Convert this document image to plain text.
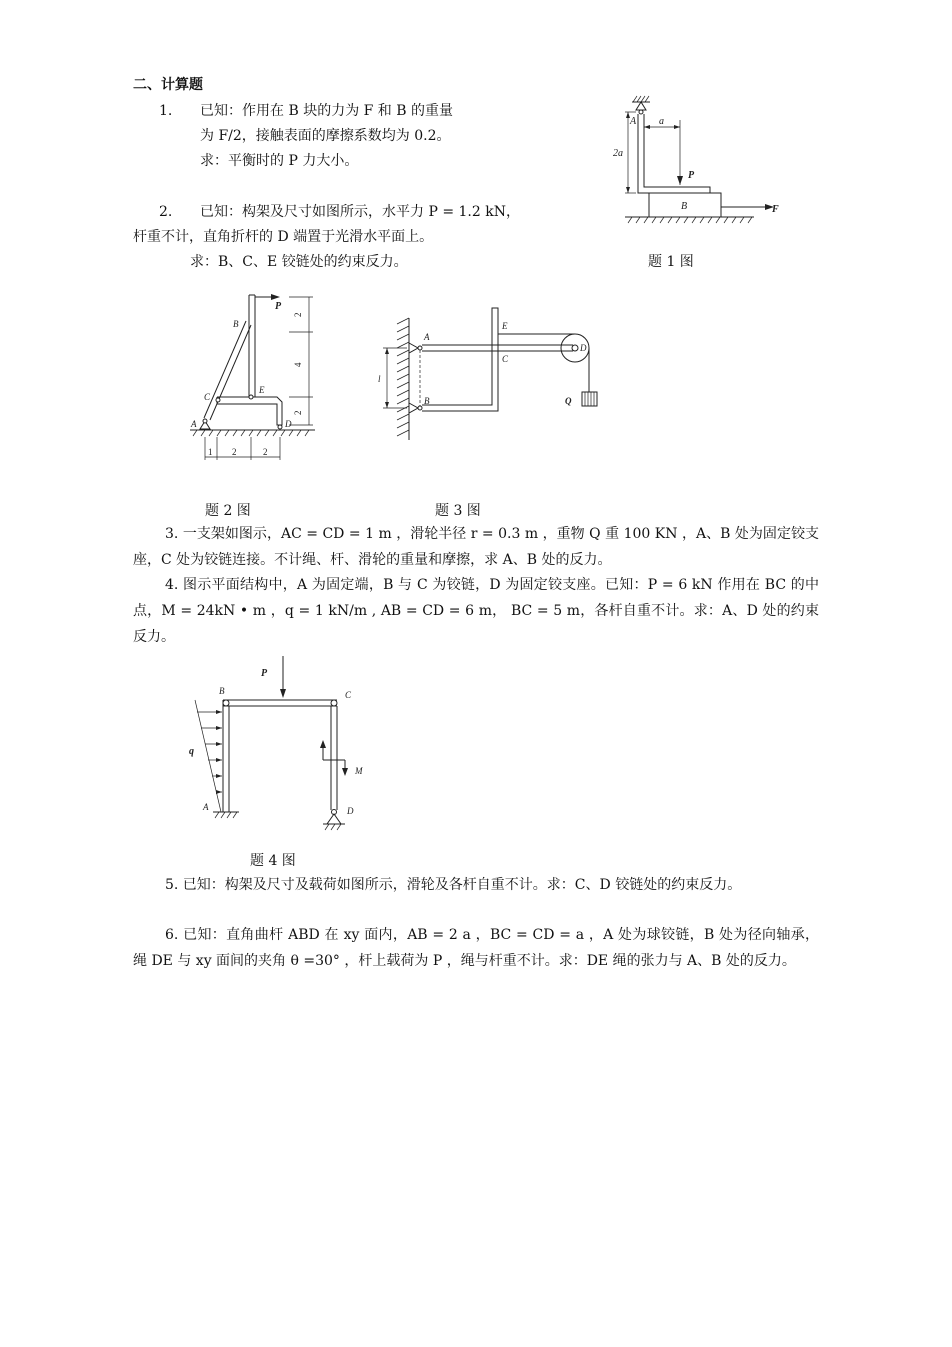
二、计算题
1. 已知：作用在 B 块的力为 F 和 B 的重量
为 F/2，接触表面的摩擦系数均为 0.2。
求：平衡时的 P 力大小。
2. 已知：构架及尺寸如图所示，水平力 P = 1.2 kN，
杆重不计，直角折杆的 D 端置于光滑水平面上。
求：B、C、E 铰链处的约束反力。
A a
2a
P
B	F
题 1 图
P
B
C
E
A	D
2
4
2
1 2	2
题 2 图
A
B
C
D
E
l
Q
题 3 图
3. 一支架如图示，AC = CD = 1 m ，滑轮半径 r = 0.3 m ，重物 Q 重 100 KN ，A、B 处为固定铰支座，C 处为铰链连接。不计绳、杆、滑轮的重量和摩擦，求 A、B 处的反力。
4. 图示平面结构中，A 为固定端，B 与 C 为铰链，D 为固定铰支座。已知：P = 6 kN 作用在 BC 的中点，M = 24kN • m ，q = 1 kN/m , AB = CD = 6 m， BC = 5 m，各杆自重不计。求：A、D 处的约束反力。
P
B	C
q
M
A	D
题 4 图
5. 已知：构架及尺寸及载荷如图所示，滑轮及各杆自重不计。求：C、D 铰链处的约束反力。
6. 已知：直角曲杆 ABD 在 xy 面内，AB = 2 a ，BC = CD = a ，A 处为球铰链，B 处为径向轴承，绳 DE 与 xy 面间的夹角 θ =30° ，杆上载荷为 P ，绳与杆重不计。求：DE 绳的张力与 A、B 处的反力。
